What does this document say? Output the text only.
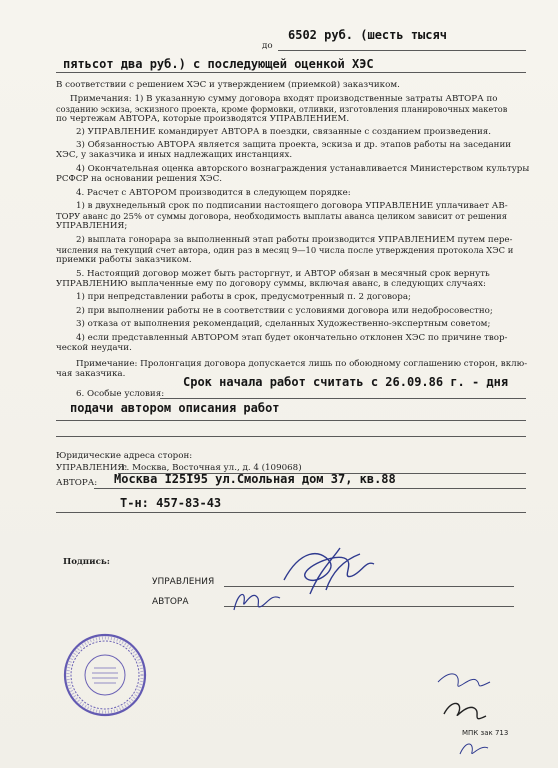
до
6502 руб. (шесть тысяч
пятьсот два руб.) с последующей оценкой ХЭС
В соответствии с решением ХЭС и утверждением (приемкой) заказчиком.
Примечания: 1) В указанную сумму договора входят производственные затраты АВТОРА по
созданию эскиза, эскизного проекта, кроме формовки, отливки, изготовления планировочных макетов
по чертежам АВТОРА, которые производятся УПРАВЛЕНИЕМ.
2) УПРАВЛЕНИЕ командирует АВТОРА в поездки, связанные с созданием произведения.
3) Обязанностью АВТОРА является защита проекта, эскиза и др. этапов работы на заседании
ХЭС, у заказчика и иных надлежащих инстанциях.
4) Окончательная оценка авторского вознаграждения устанавливается Министерством культуры
РСФСР на основании решения ХЭС.
4. Расчет с АВТОРОМ производится в следующем порядке:
1) в двухнедельный срок по подписании настоящего договора УПРАВЛЕНИЕ уплачивает АВ-
ТОРУ аванс до 25% от суммы договора, необходимость выплаты аванса целиком зависит от решения
УПРАВЛЕНИЯ;
2) выплата гонорара за выполненный этап работы производится УПРАВЛЕНИЕМ путем пере-
числения на текущий счет автора, один раз в месяц 9—10 числа после утверждения протокола ХЭС и
приемки работы заказчиком.
5. Настоящий договор может быть расторгнут, и АВТОР обязан в месячный срок вернуть
УПРАВЛЕНИЮ выплаченные ему по договору суммы, включая аванс, в следующих случаях:
1) при непредставлении работы в срок, предусмотренный п. 2 договора;
2) при выполнении работы не в соответствии с условиями договора или недобросовестно;
3) отказа от выполнения рекомендаций, сделанных Художественно-экспертным советом;
4) если представленный АВТОРОМ этап будет окончательно отклонен ХЭС по причине твор-
ческой неудачи.
Примечание: Пролонгация договора допускается лишь по обоюдному соглашению сторон, вклю-
чая заказчика.
6. Особые условия:
Срок начала работ считать с 26.09.86 г. - дня
подачи автором описания работ
Юридические адреса сторон:
УПРАВЛЕНИЯ:
г. Москва, Восточная ул., д. 4 (109068)
АВТОРА: Москва I25I95 ул.Смольная дом 37, кв.88
Т-н: 457-83-43
Подпись:
УПРАВЛЕНИЯ
АВТОРА
МПК зак 713
